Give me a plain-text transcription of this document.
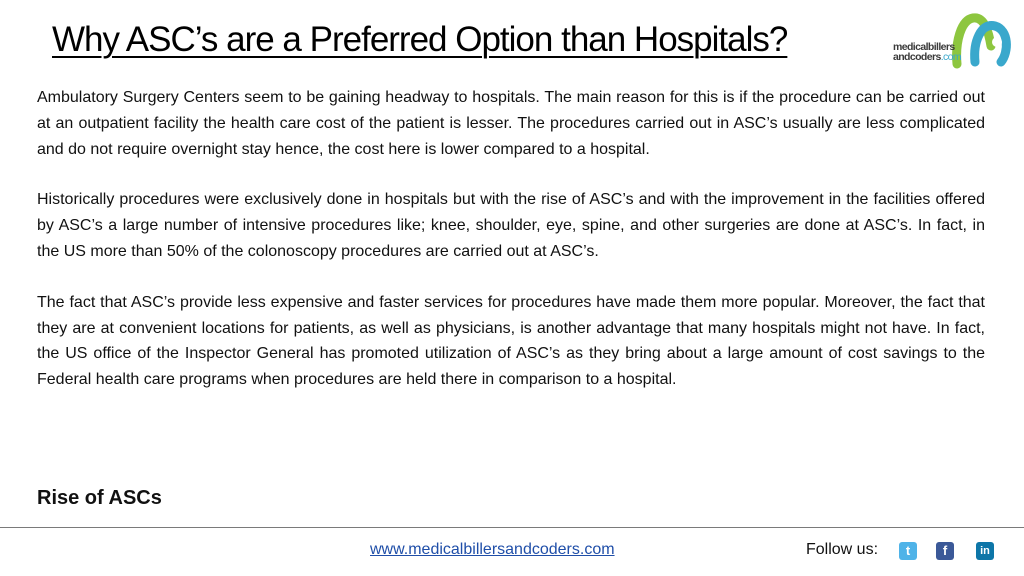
Why ASC’s are a Preferred Option than Hospitals?	medicalbillers
andcoders.com

Ambulatory Surgery Centers seem to be gaining headway to hospitals. The main reason for this is if the procedure can be carried out at an outpatient facility the health care cost of the patient is lesser. The procedures carried out in ASC’s usually are less complicated and do not require overnight stay hence, the cost here is lower compared to a hospital.

Historically procedures were exclusively done in hospitals but with the rise of ASC’s and with the improvement in the facilities offered by ASC’s a large number of intensive procedures like; knee, shoulder, eye, spine, and other surgeries are done at ASC’s. In fact, in the US more than 50% of the colonoscopy procedures are carried out at ASC’s.

The fact that ASC’s provide less expensive and faster services for procedures have made them more popular. Moreover, the fact that they are at convenient locations for patients, as well as physicians, is another advantage that many hospitals might not have. In fact, the US office of the Inspector General has promoted utilization of ASC’s as they bring about a large amount of cost savings to the Federal health care programs when procedures are held there in comparison to a hospital.

Rise of ASCs
www.medicalbillersandcoders.com	Follow us:	t	f	in
